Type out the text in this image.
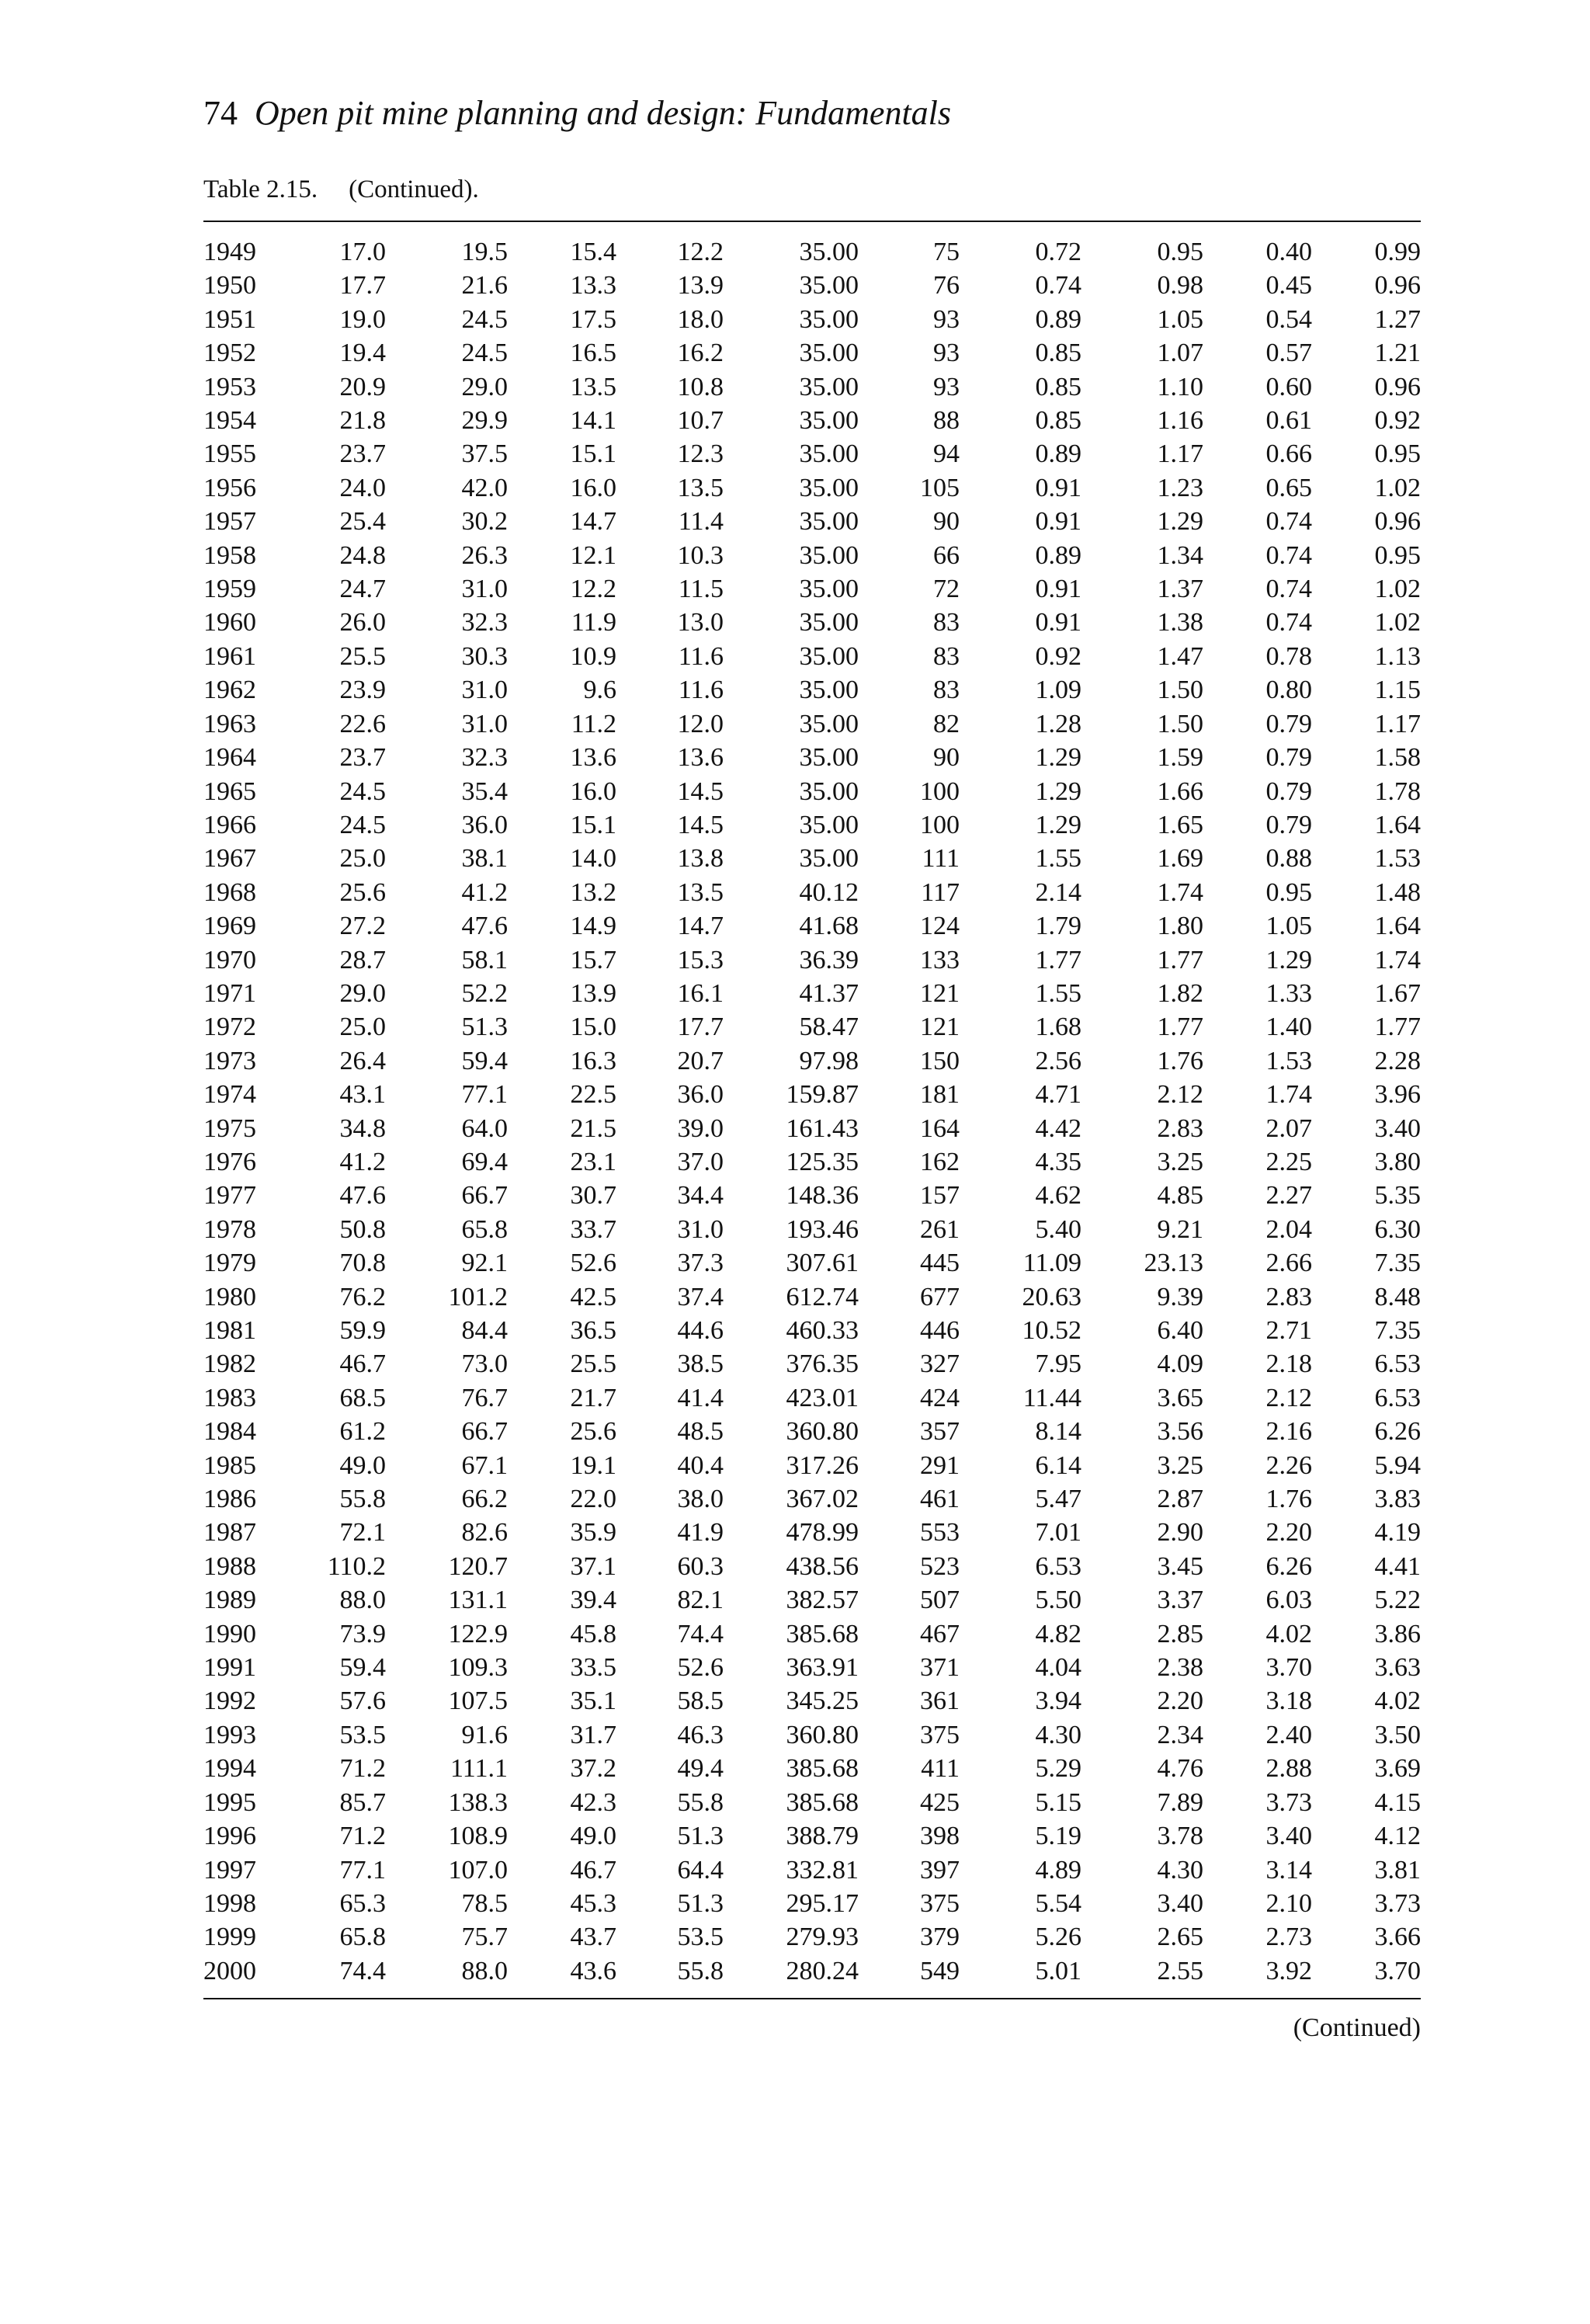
74 Open pit mine planning and design: Fundamentals
Table 2.15. (Continued).
1949	17.0	19.5	15.4	12.2	35.00	75	0.72	0.95	0.40	0.99
1950	17.7	21.6	13.3	13.9	35.00	76	0.74	0.98	0.45	0.96
1951	19.0	24.5	17.5	18.0	35.00	93	0.89	1.05	0.54	1.27
1952	19.4	24.5	16.5	16.2	35.00	93	0.85	1.07	0.57	1.21
1953	20.9	29.0	13.5	10.8	35.00	93	0.85	1.10	0.60	0.96
1954	21.8	29.9	14.1	10.7	35.00	88	0.85	1.16	0.61	0.92
1955	23.7	37.5	15.1	12.3	35.00	94	0.89	1.17	0.66	0.95
1956	24.0	42.0	16.0	13.5	35.00	105	0.91	1.23	0.65	1.02
1957	25.4	30.2	14.7	11.4	35.00	90	0.91	1.29	0.74	0.96
1958	24.8	26.3	12.1	10.3	35.00	66	0.89	1.34	0.74	0.95
1959	24.7	31.0	12.2	11.5	35.00	72	0.91	1.37	0.74	1.02
1960	26.0	32.3	11.9	13.0	35.00	83	0.91	1.38	0.74	1.02
1961	25.5	30.3	10.9	11.6	35.00	83	0.92	1.47	0.78	1.13
1962	23.9	31.0	9.6	11.6	35.00	83	1.09	1.50	0.80	1.15
1963	22.6	31.0	11.2	12.0	35.00	82	1.28	1.50	0.79	1.17
1964	23.7	32.3	13.6	13.6	35.00	90	1.29	1.59	0.79	1.58
1965	24.5	35.4	16.0	14.5	35.00	100	1.29	1.66	0.79	1.78
1966	24.5	36.0	15.1	14.5	35.00	100	1.29	1.65	0.79	1.64
1967	25.0	38.1	14.0	13.8	35.00	111	1.55	1.69	0.88	1.53
1968	25.6	41.2	13.2	13.5	40.12	117	2.14	1.74	0.95	1.48
1969	27.2	47.6	14.9	14.7	41.68	124	1.79	1.80	1.05	1.64
1970	28.7	58.1	15.7	15.3	36.39	133	1.77	1.77	1.29	1.74
1971	29.0	52.2	13.9	16.1	41.37	121	1.55	1.82	1.33	1.67
1972	25.0	51.3	15.0	17.7	58.47	121	1.68	1.77	1.40	1.77
1973	26.4	59.4	16.3	20.7	97.98	150	2.56	1.76	1.53	2.28
1974	43.1	77.1	22.5	36.0	159.87	181	4.71	2.12	1.74	3.96
1975	34.8	64.0	21.5	39.0	161.43	164	4.42	2.83	2.07	3.40
1976	41.2	69.4	23.1	37.0	125.35	162	4.35	3.25	2.25	3.80
1977	47.6	66.7	30.7	34.4	148.36	157	4.62	4.85	2.27	5.35
1978	50.8	65.8	33.7	31.0	193.46	261	5.40	9.21	2.04	6.30
1979	70.8	92.1	52.6	37.3	307.61	445	11.09	23.13	2.66	7.35
1980	76.2	101.2	42.5	37.4	612.74	677	20.63	9.39	2.83	8.48
1981	59.9	84.4	36.5	44.6	460.33	446	10.52	6.40	2.71	7.35
1982	46.7	73.0	25.5	38.5	376.35	327	7.95	4.09	2.18	6.53
1983	68.5	76.7	21.7	41.4	423.01	424	11.44	3.65	2.12	6.53
1984	61.2	66.7	25.6	48.5	360.80	357	8.14	3.56	2.16	6.26
1985	49.0	67.1	19.1	40.4	317.26	291	6.14	3.25	2.26	5.94
1986	55.8	66.2	22.0	38.0	367.02	461	5.47	2.87	1.76	3.83
1987	72.1	82.6	35.9	41.9	478.99	553	7.01	2.90	2.20	4.19
1988	110.2	120.7	37.1	60.3	438.56	523	6.53	3.45	6.26	4.41
1989	88.0	131.1	39.4	82.1	382.57	507	5.50	3.37	6.03	5.22
1990	73.9	122.9	45.8	74.4	385.68	467	4.82	2.85	4.02	3.86
1991	59.4	109.3	33.5	52.6	363.91	371	4.04	2.38	3.70	3.63
1992	57.6	107.5	35.1	58.5	345.25	361	3.94	2.20	3.18	4.02
1993	53.5	91.6	31.7	46.3	360.80	375	4.30	2.34	2.40	3.50
1994	71.2	111.1	37.2	49.4	385.68	411	5.29	4.76	2.88	3.69
1995	85.7	138.3	42.3	55.8	385.68	425	5.15	7.89	3.73	4.15
1996	71.2	108.9	49.0	51.3	388.79	398	5.19	3.78	3.40	4.12
1997	77.1	107.0	46.7	64.4	332.81	397	4.89	4.30	3.14	3.81
1998	65.3	78.5	45.3	51.3	295.17	375	5.54	3.40	2.10	3.73
1999	65.8	75.7	43.7	53.5	279.93	379	5.26	2.65	2.73	3.66
2000	74.4	88.0	43.6	55.8	280.24	549	5.01	2.55	3.92	3.70
(Continued)
